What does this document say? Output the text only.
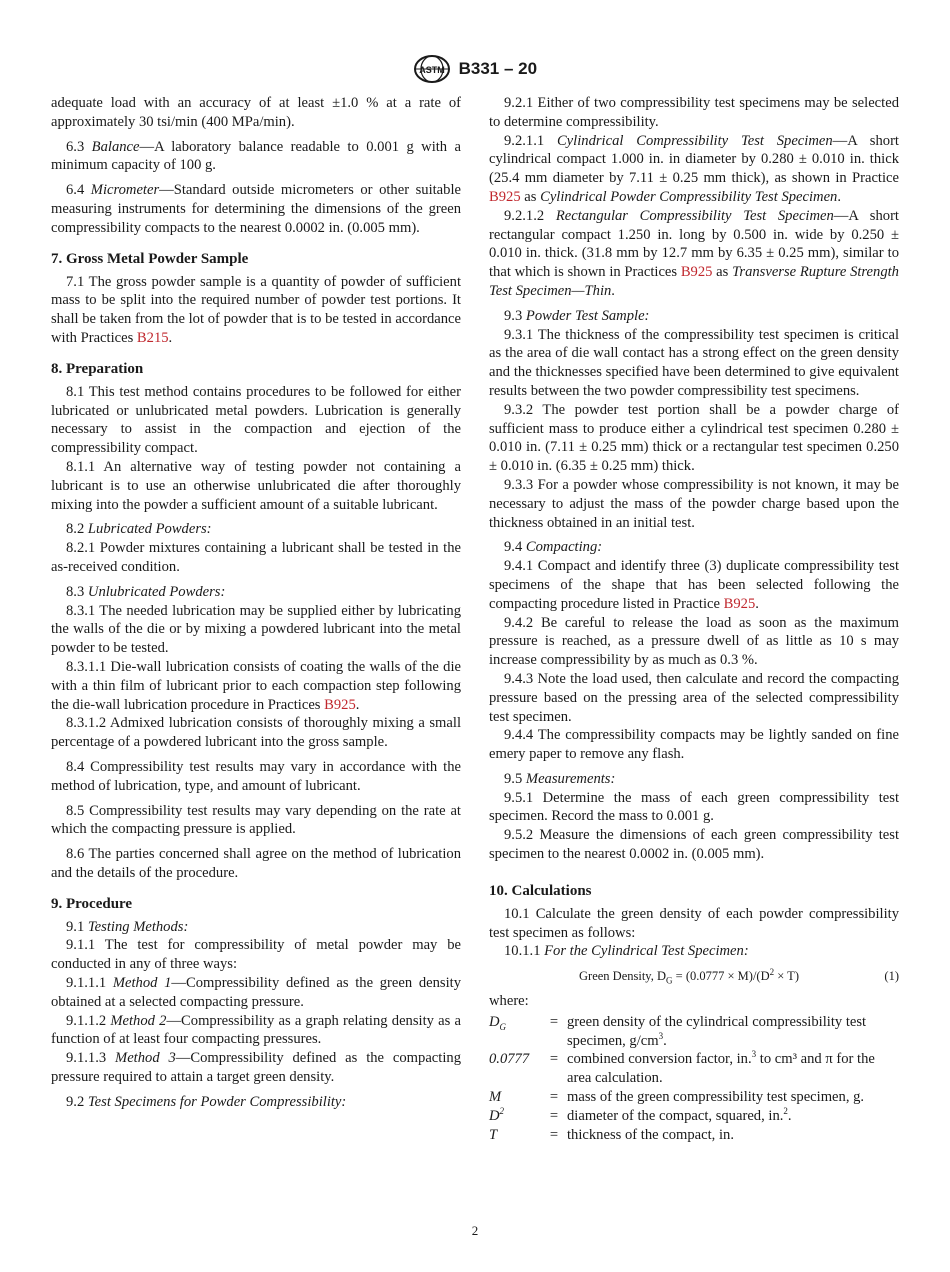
ASTM B331 – 20

adequate load with an accuracy of at least ±1.0 % at a rate of approximately 30 tsi/min (400 MPa/min).

6.3 Balance—A laboratory balance readable to 0.001 g with a minimum capacity of 100 g.

6.4 Micrometer—Standard outside micrometers or other suitable measuring instruments for determining the dimensions of the green compressibility compacts to the nearest 0.0002 in. (0.005 mm).

7. Gross Metal Powder Sample

7.1 The gross powder sample is a quantity of powder of sufficient mass to be split into the required number of powder test portions. It shall be taken from the lot of powder that is to be tested in accordance with Practices B215.

8. Preparation

8.1 This test method contains procedures to be followed for either lubricated or unlubricated metal powders. Lubrication is generally necessary to assist in the compaction and ejection of the compressibility compact.

8.1.1 An alternative way of testing powder not containing a lubricant is to use an otherwise unlubricated die after thoroughly mixing into the powder a sufficient amount of a suitable lubricant.

8.2 Lubricated Powders:

8.2.1 Powder mixtures containing a lubricant shall be tested in the as-received condition.

8.3 Unlubricated Powders:

8.3.1 The needed lubrication may be supplied either by lubricating the walls of the die or by mixing a powdered lubricant into the metal powder to be tested.

8.3.1.1 Die-wall lubrication consists of coating the walls of the die with a thin film of lubricant prior to each compaction step following the die-wall lubrication procedure in Practices B925.

8.3.1.2 Admixed lubrication consists of thoroughly mixing a small percentage of a powdered lubricant into the gross sample.

8.4 Compressibility test results may vary in accordance with the method of lubrication, type, and amount of lubricant.

8.5 Compressibility test results may vary depending on the rate at which the compacting pressure is applied.

8.6 The parties concerned shall agree on the method of lubrication and the details of the procedure.

9. Procedure

9.1 Testing Methods:

9.1.1 The test for compressibility of metal powder may be conducted in any of three ways:

9.1.1.1 Method 1—Compressibility defined as the green density obtained at a selected compacting pressure.

9.1.1.2 Method 2—Compressibility as a graph relating density as a function of at least four compacting pressures.

9.1.1.3 Method 3—Compressibility defined as the compacting pressure required to attain a target green density.

9.2 Test Specimens for Powder Compressibility:

9.2.1 Either of two compressibility test specimens may be selected to determine compressibility.

9.2.1.1 Cylindrical Compressibility Test Specimen—A short cylindrical compact 1.000 in. in diameter by 0.280 ± 0.010 in. thick (25.4 mm diameter by 7.11 ± 0.25 mm thick), as shown in Practice B925 as Cylindrical Powder Compressibility Test Specimen.

9.2.1.2 Rectangular Compressibility Test Specimen—A short rectangular compact 1.250 in. long by 0.500 in. wide by 0.250 ± 0.010 in. thick. (31.8 mm by 12.7 mm by 6.35 ± 0.25 mm), similar to that which is shown in Practices B925 as Transverse Rupture Strength Test Specimen—Thin.

9.3 Powder Test Sample:

9.3.1 The thickness of the compressibility test specimen is critical as the area of die wall contact has a strong effect on the green density and the thicknesses specified have been determined to give equivalent results between the two powder compressibility test specimens.

9.3.2 The powder test portion shall be a powder charge of sufficient mass to produce either a cylindrical test specimen 0.280 ± 0.010 in. (7.11 ± 0.25 mm) thick or a rectangular test specimen 0.250 ± 0.010 in. (6.35 ± 0.25 mm) thick.

9.3.3 For a powder whose compressibility is not known, it may be necessary to adjust the mass of the powder charge based upon the thickness obtained in an initial test.

9.4 Compacting:

9.4.1 Compact and identify three (3) duplicate compressibility test specimens of the shape that has been selected following the compacting procedure listed in Practice B925.

9.4.2 Be careful to release the load as soon as the maximum pressure is reached, as a pressure dwell of as little as 10 s may increase compressibility by as much as 0.3 %.

9.4.3 Note the load used, then calculate and record the compacting pressure based on the pressing area of the selected compressibility test specimen.

9.4.4 The compressibility compacts may be lightly sanded on fine emery paper to remove any flash.

9.5 Measurements:

9.5.1 Determine the mass of each green compressibility test specimen. Record the mass to 0.001 g.

9.5.2 Measure the dimensions of each green compressibility test specimen to the nearest 0.0002 in. (0.005 mm).

10. Calculations

10.1 Calculate the green density of each powder compressibility test specimen as follows:

10.1.1 For the Cylindrical Test Specimen:

Green Density, $D_G = (0.0777 \times M)/(D^2 \times T)$	(1)

where:

$D_G$	= green density of the cylindrical compressibility test specimen, $g/cm^3$.
0.0777	= combined conversion factor, in.$^3$ to cm³ and π for the area calculation.
M	= mass of the green compressibility test specimen, g.
$D^2$	= diameter of the compact, squared, in.$^2$.
T	= thickness of the compact, in.
2
